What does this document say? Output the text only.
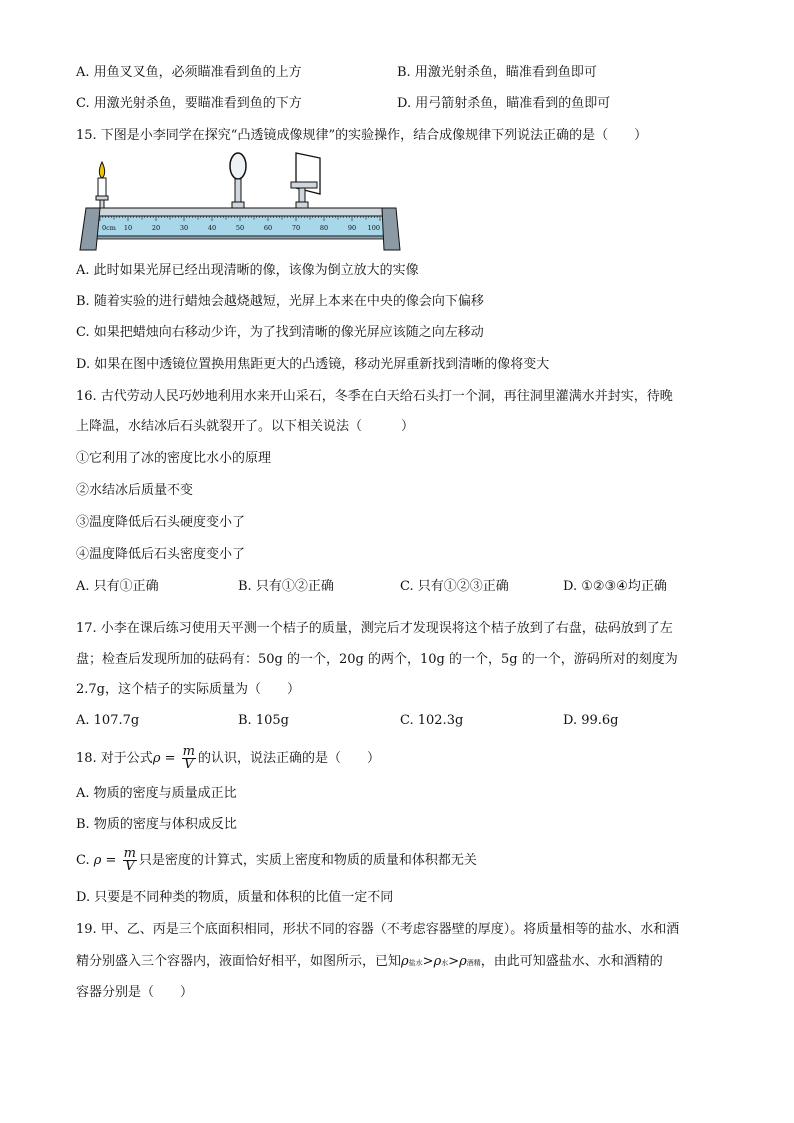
A. 用鱼叉叉鱼，必须瞄准看到鱼的上方	B. 用激光射杀鱼，瞄准看到鱼即可
C. 用激光射杀鱼，要瞄准看到鱼的下方	D. 用弓箭射杀鱼，瞄准看到的鱼即可
15. 下图是小李同学在探究“凸透镜成像规律”的实验操作，结合成像规律下列说法正确的是（　　）
0cm 10	20	30	40	50	60	70	80	90 100
A. 此时如果光屏已经出现清晰的像，该像为倒立放大的实像
B. 随着实验的进行蜡烛会越烧越短，光屏上本来在中央的像会向下偏移
C. 如果把蜡烛向右移动少许，为了找到清晰的像光屏应该随之向左移动
D. 如果在图中透镜位置换用焦距更大的凸透镜，移动光屏重新找到清晰的像将变大
16. 古代劳动人民巧妙地利用水来开山采石，冬季在白天给石头打一个洞，再往洞里灌满水并封实，待晚
上降温，水结冰后石头就裂开了。以下相关说法（　　　）
①它利用了冰的密度比水小的原理
②水结冰后质量不变
③温度降低后石头硬度变小了
④温度降低后石头密度变小了
A. 只有①正确	B. 只有①②正确	C. 只有①②③正确	D. ①②③④均正确
17. 小李在课后练习使用天平测一个桔子的质量，测完后才发现误将这个桔子放到了右盘，砝码放到了左
盘；检查后发现所加的砝码有：50g 的一个，20g 的两个，10g 的一个，5g 的一个，游码所对的刻度为
2.7g，这个桔子的实际质量为（　　）
A. 107.7g	B. 105g	C. 102.3g	D. 99.6g
18. 对于公式$\rho = \frac{m}{V}$ 的认识，说法正确的是（　　）
A. 物质的密度与质量成正比
B. 物质的密度与体积成反比
C. $\rho = \frac{m}{V}$ 只是密度的计算式，实质上密度和物质的质量和体积都无关
D. 只要是不同种类的物质，质量和体积的比值一定不同
19. 甲、乙、丙是三个底面积相同，形状不同的容器（不考虑容器壁的厚度）。将质量相等的盐水、水和酒
精分别盛入三个容器内，液面恰好相平，如图所示，已知ρ盐水>ρ水>ρ酒精，由此可知盛盐水、水和酒精的
容器分别是（　　）
